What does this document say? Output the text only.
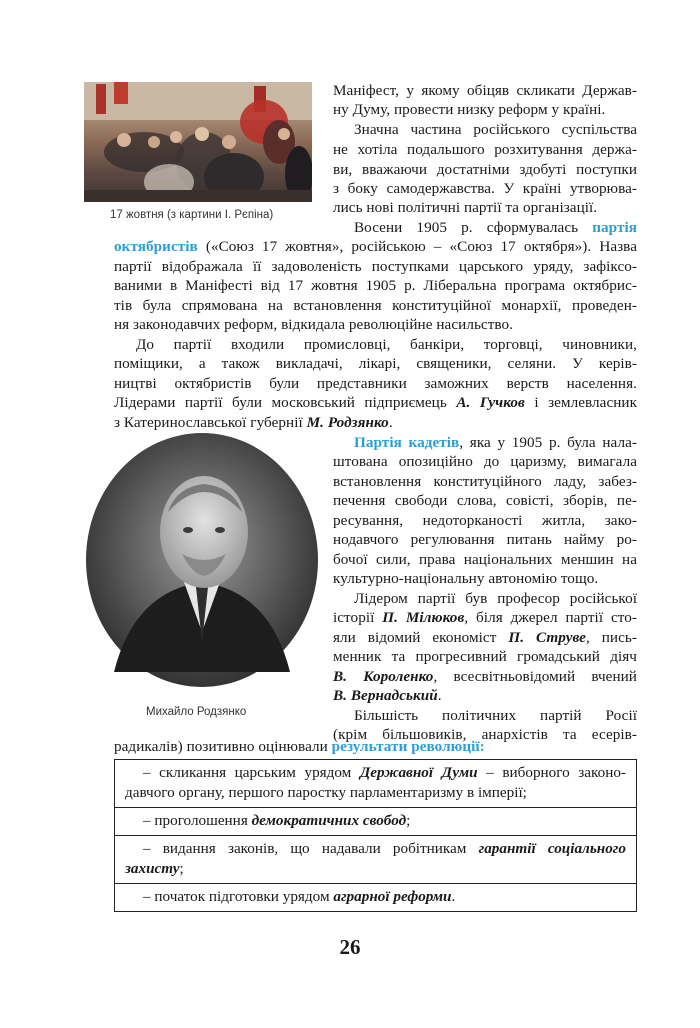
17 жовтня (з картини І. Рєпіна)
Михайло Родзянко
Маніфест, у якому обіцяв скликати Держав-
ну Думу, провести низку реформ у країні.
Значна частина російського суспільства
не хотіла подальшого розхитування держа-
ви, вважаючи достатніми здобуті поступки
з боку самодержавства. У країні утворюва-
лись нові політичні партії та організації.
Восени 1905 р. сформувалась партія
октябристів («Союз 17 жовтня», російською – «Союз 17 октября»). Назва
партії відображала її задоволеність поступками царського уряду, зафіксо-
ваними в Маніфесті від 17 жовтня 1905 р. Ліберальна програма октябрис-
тів була спрямована на встановлення конституційної монархії, проведен-
ня законодавчих реформ, відкидала революційне насильство.
До партії входили промисловці, банкіри, торговці, чиновники,
поміщики, а також викладачі, лікарі, священики, селяни. У керів-
ництві октябристів були представники заможних верств населення.
Лідерами партії були московський підприємець А. Гучков і землевласник
з Катеринославської губернії М. Родзянко.
Партія кадетів, яка у 1905 р. була нала-
штована опозиційно до царизму, вимагала
встановлення конституційного ладу, забез-
печення свободи слова, совісті, зборів, пе-
ресування, недоторканості житла, зако-
нодавчого регулювання питань найму ро-
бочої сили, права національних меншин на
культурно-національну автономію тощо.
Лідером партії був професор російської
історії П. Мілюков, біля джерел партії сто-
яли відомий економіст П. Струве, пись-
менник та прогресивний громадський діяч
В. Короленко, всесвітньовідомий вчений
В. Вернадський.
Більшість політичних партій Росії
(крім більшовиків, анархістів та есерів-
радикалів) позитивно оцінювали результати революції:
– скликання царським урядом Державної Думи – виборного законо-давчого органу, першого паростку парламентаризму в імперії;
– проголошення демократичних свобод;
– видання законів, що надавали робітникам гарантії соціального захисту;
– початок підготовки урядом аграрної реформи.
26
